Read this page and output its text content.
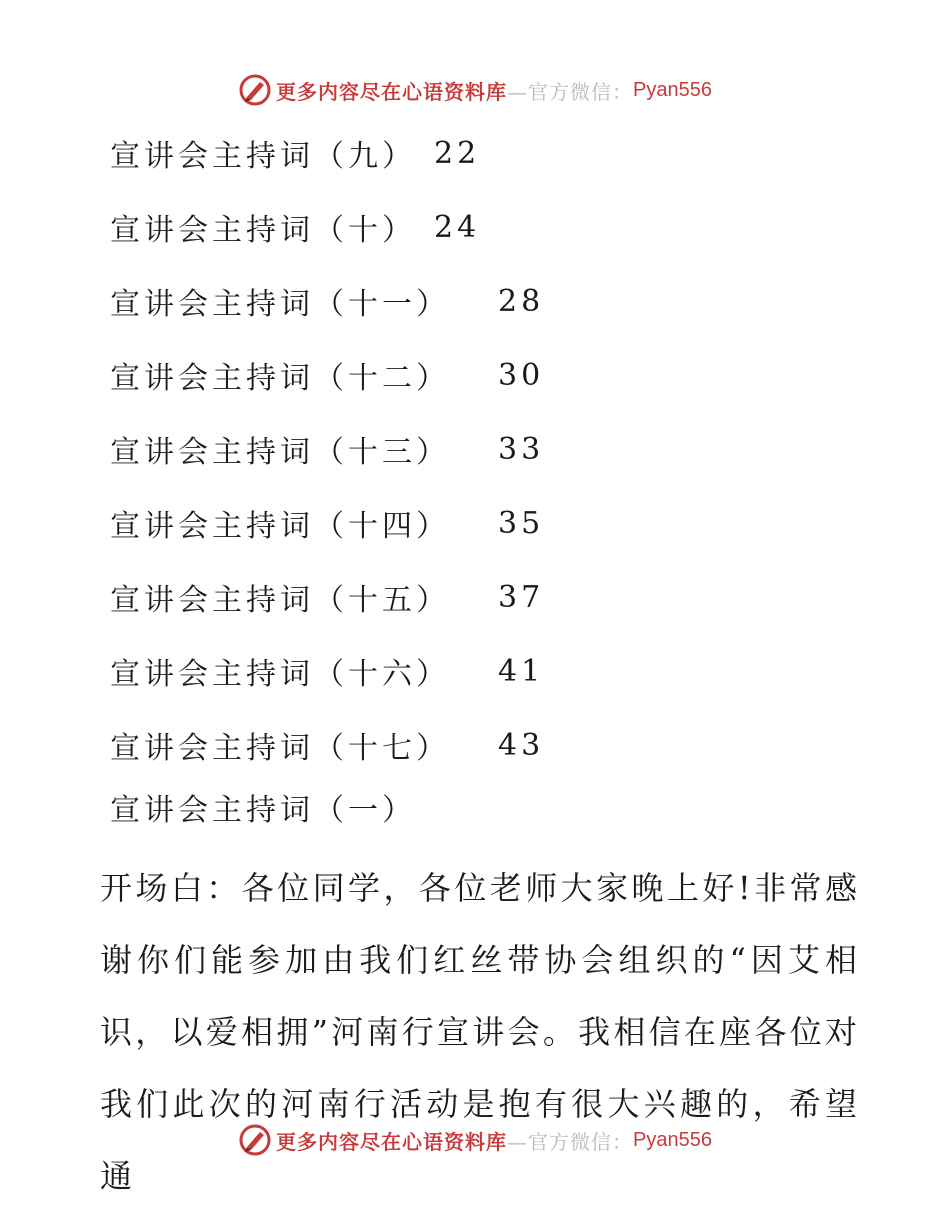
更多内容尽在心语资料库 —官方微信： Pyan556
宣讲会主持词（九） 22
宣讲会主持词（十） 24
宣讲会主持词（十一） 28
宣讲会主持词（十二） 30
宣讲会主持词（十三） 33
宣讲会主持词（十四） 35
宣讲会主持词（十五） 37
宣讲会主持词（十六） 41
宣讲会主持词（十七） 43
宣讲会主持词（一）

开场白：各位同学，各位老师大家晚上好!非常感谢你们能参加由我们红丝带协会组织的“因艾相识，以爱相拥”河南行宣讲会。我相信在座各位对我们此次的河南行活动是抱有很大兴趣的，希望通

更多内容尽在心语资料库 —官方微信： Pyan556
